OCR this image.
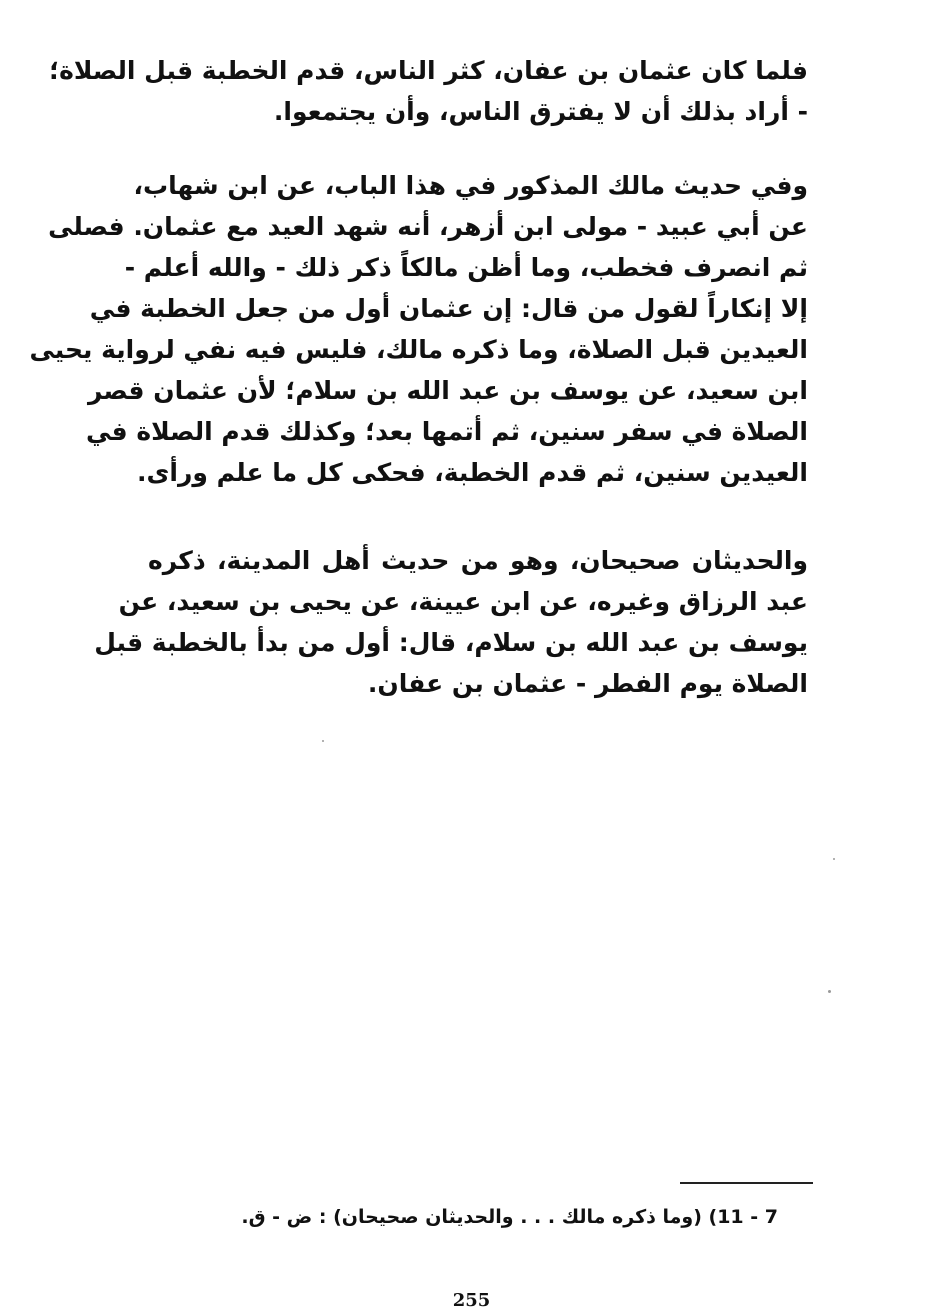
فلما كان عثمان بن عفان، كثر الناس، قدم الخطبة قبل الصلاة؛
- أراد بذلك أن لا يفترق الناس، وأن يجتمعوا.
وفي حديث مالك المذكور في هذا الباب، عن ابن شهاب،
عن أبي عبيد - مولى ابن أزهر، أنه شهد العيد مع عثمان. فصلى
ثم انصرف فخطب، وما أظن مالكاً ذكر ذلك - والله أعلم -
إلا إنكاراً لقول من قال: إن عثمان أول من جعل الخطبة في
العيدين قبل الصلاة، وما ذكره مالك، فليس فيه نفي لرواية يحيى
ابن سعيد، عن يوسف بن عبد الله بن سلام؛ لأن عثمان قصر
الصلاة في سفر سنين، ثم أتمها بعد؛ وكذلك قدم الصلاة في
العيدين سنين، ثم قدم الخطبة، فحكى كل ما علم ورأى.
والحديثان صحيحان، وهو من حديث أهل المدينة، ذكره
عبد الرزاق وغيره، عن ابن عيينة، عن يحيى بن سعيد، عن
يوسف بن عبد الله بن سلام، قال: أول من بدأ بالخطبة قبل
الصلاة يوم الفطر - عثمان بن عفان.
7 - 11) (وما ذكره مالك . . . والحديثان صحيحان) : ض - ق.
255
